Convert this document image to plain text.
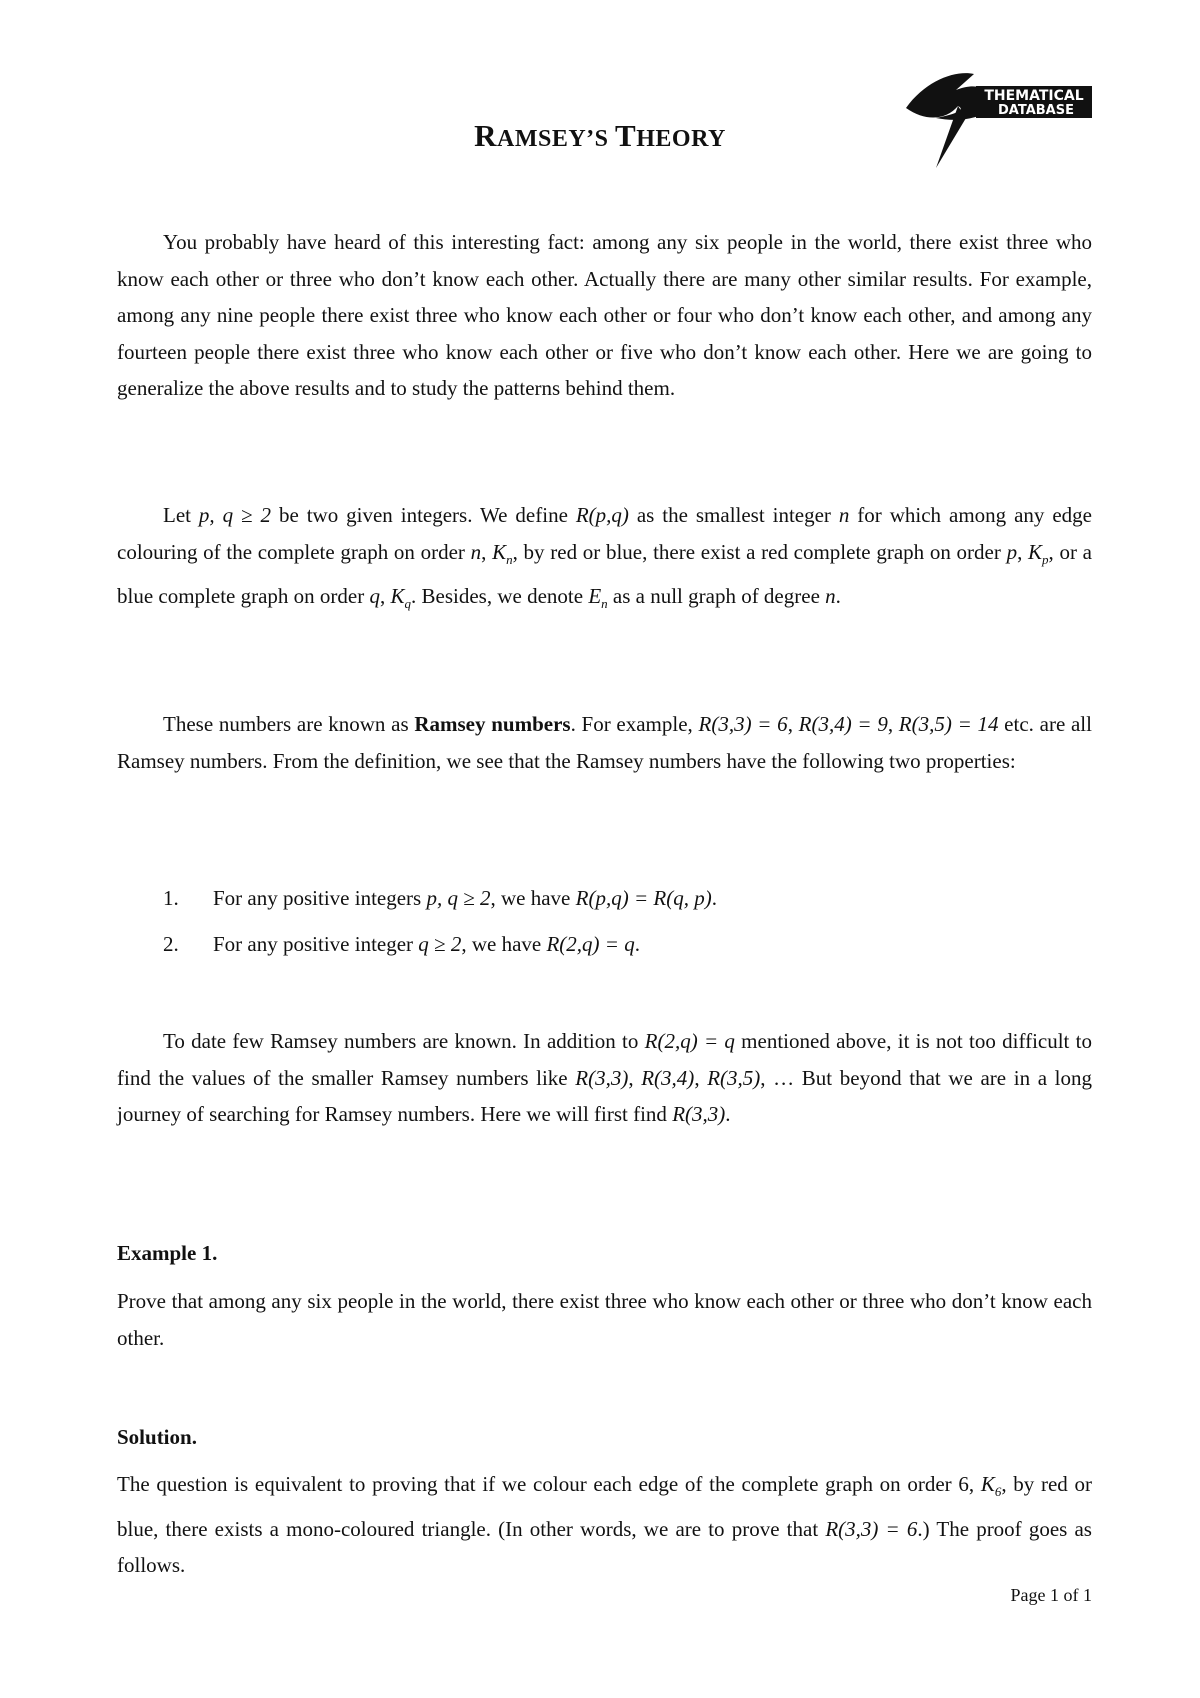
THEMATICAL
DATABASE
RAMSEY’S THEORY

You probably have heard of this interesting fact: among any six people in the world, there exist three who know each other or three who don’t know each other. Actually there are many other similar results. For example, among any nine people there exist three who know each other or four who don’t know each other, and among any fourteen people there exist three who know each other or five who don’t know each other. Here we are going to generalize the above results and to study the patterns behind them.

Let p, q ≥ 2 be two given integers. We define R(p,q) as the smallest integer n for which among any edge colouring of the complete graph on order n, $K_n$, by red or blue, there exist a red complete graph on order p, $K_p$, or a blue complete graph on order q, $K_q$. Besides, we denote $E_n$ as a null graph of degree n.

These numbers are known as Ramsey numbers. For example, R(3,3) = 6, R(3,4) = 9, R(3,5) = 14 etc. are all Ramsey numbers. From the definition, we see that the Ramsey numbers have the following two properties:

1.	For any positive integers p, q ≥ 2, we have R(p,q) = R(q, p).
2.	For any positive integer q ≥ 2, we have R(2,q) = q.

To date few Ramsey numbers are known. In addition to R(2,q) = q mentioned above, it is not too difficult to find the values of the smaller Ramsey numbers like R(3,3), R(3,4), R(3,5), … But beyond that we are in a long journey of searching for Ramsey numbers. Here we will first find R(3,3).

Example 1.

Prove that among any six people in the world, there exist three who know each other or three who don’t know each other.

Solution.

The question is equivalent to proving that if we colour each edge of the complete graph on order 6, $K_6$, by red or blue, there exists a mono-coloured triangle. (In other words, we are to prove that R(3,3) = 6.) The proof goes as follows.

Page 1 of 1
